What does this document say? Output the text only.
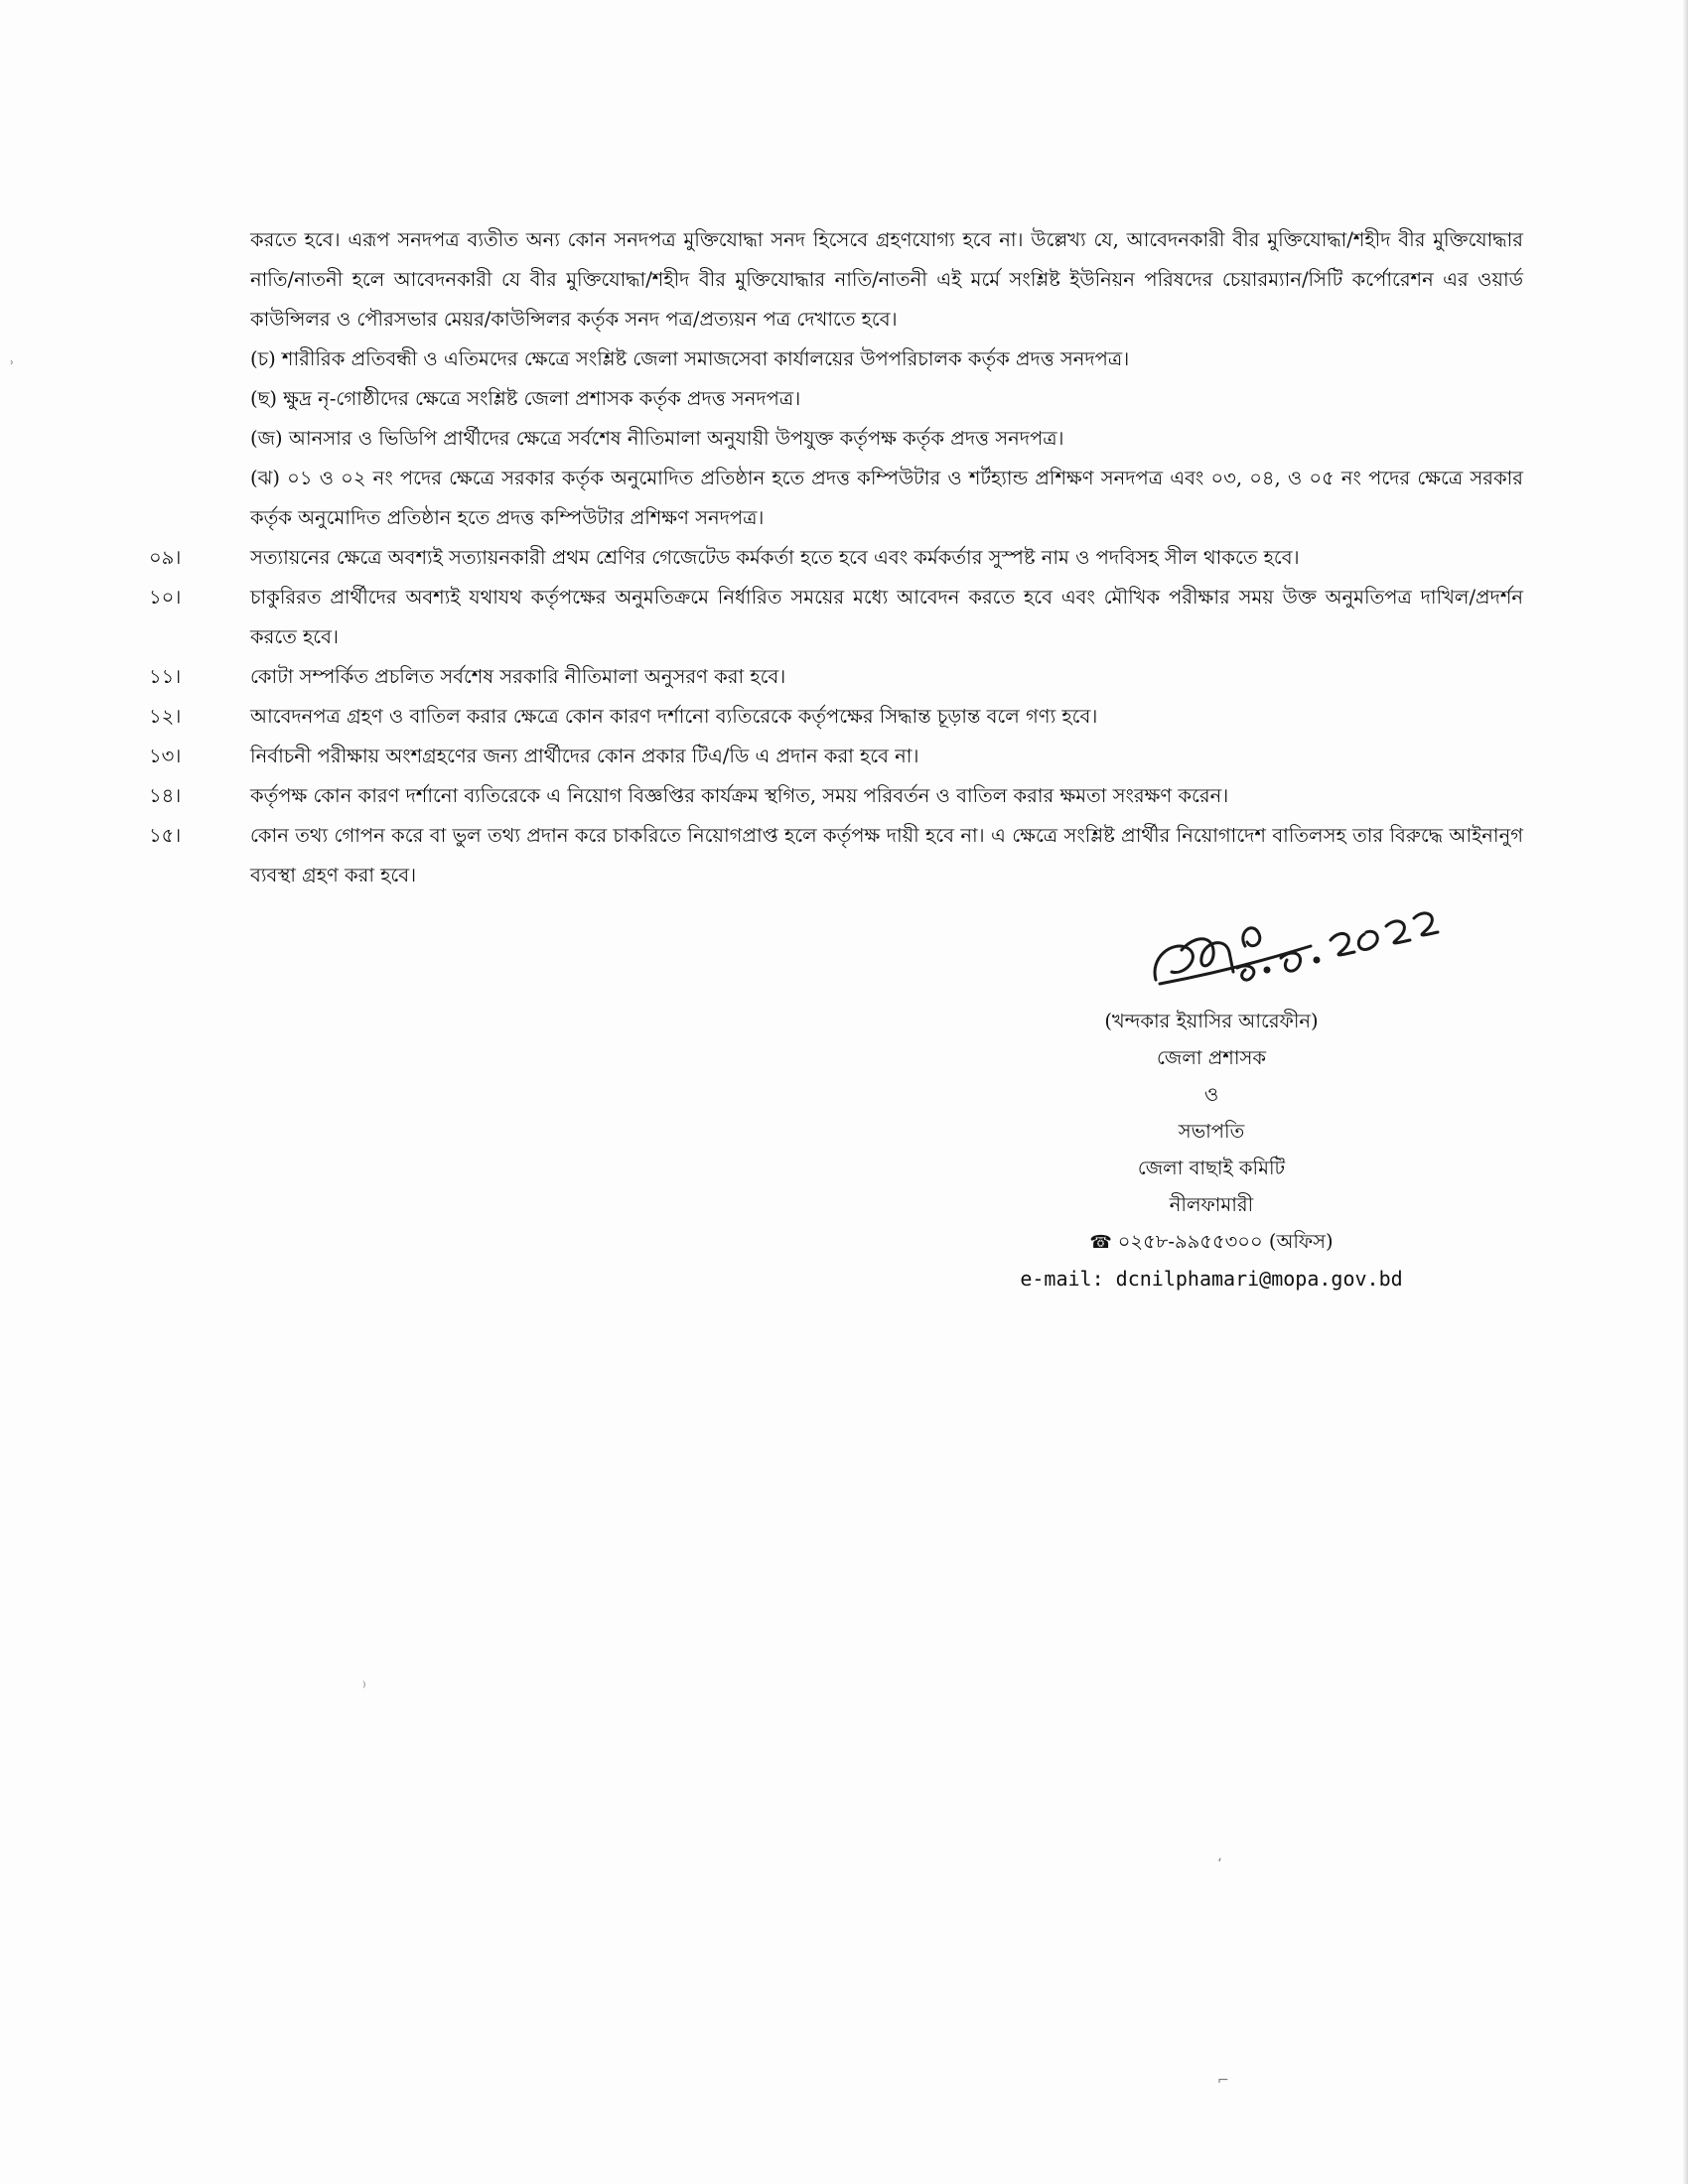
করতে হবে। এরূপ সনদপত্র ব্যতীত অন্য কোন সনদপত্র মুক্তিযোদ্ধা সনদ হিসেবে গ্রহণযোগ্য হবে না। উল্লেখ্য যে, আবেদনকারী বীর মুক্তিযোদ্ধা/শহীদ বীর মুক্তিযোদ্ধার নাতি/নাতনী হলে আবেদনকারী যে বীর মুক্তিযোদ্ধা/শহীদ বীর মুক্তিযোদ্ধার নাতি/নাতনী এই মর্মে সংশ্লিষ্ট ইউনিয়ন পরিষদের চেয়ারম্যান/সিটি কর্পোরেশন এর ওয়ার্ড কাউন্সিলর ও পৌরসভার মেয়র/কাউন্সিলর কর্তৃক সনদ পত্র/প্রত্যয়ন পত্র দেখাতে হবে।

(চ) শারীরিক প্রতিবন্ধী ও এতিমদের ক্ষেত্রে সংশ্লিষ্ট জেলা সমাজসেবা কার্যালয়ের উপপরিচালক কর্তৃক প্রদত্ত সনদপত্র।

(ছ) ক্ষুদ্র নৃ-গোষ্ঠীদের ক্ষেত্রে সংশ্লিষ্ট জেলা প্রশাসক কর্তৃক প্রদত্ত সনদপত্র।

(জ) আনসার ও ভিডিপি প্রার্থীদের ক্ষেত্রে সর্বশেষ নীতিমালা অনুযায়ী উপযুক্ত কর্তৃপক্ষ কর্তৃক প্রদত্ত সনদপত্র।

(ঝ) ০১ ও ০২ নং পদের ক্ষেত্রে সরকার কর্তৃক অনুমোদিত প্রতিষ্ঠান হতে প্রদত্ত কম্পিউটার ও শর্টহ্যান্ড প্রশিক্ষণ সনদপত্র এবং ০৩, ০৪, ও ০৫ নং পদের ক্ষেত্রে সরকার কর্তৃক অনুমোদিত প্রতিষ্ঠান হতে প্রদত্ত কম্পিউটার প্রশিক্ষণ সনদপত্র।

০৯।	সত্যায়নের ক্ষেত্রে অবশ্যই সত্যায়নকারী প্রথম শ্রেণির গেজেটেড কর্মকর্তা হতে হবে এবং কর্মকর্তার সুস্পষ্ট নাম ও পদবিসহ সীল থাকতে হবে।
১০।	চাকুরিরত প্রার্থীদের অবশ্যই যথাযথ কর্তৃপক্ষের অনুমতিক্রমে নির্ধারিত সময়ের মধ্যে আবেদন করতে হবে এবং মৌখিক পরীক্ষার সময় উক্ত অনুমতিপত্র দাখিল/প্রদর্শন করতে হবে।
১১।	কোটা সম্পর্কিত প্রচলিত সর্বশেষ সরকারি নীতিমালা অনুসরণ করা হবে।
১২।	আবেদনপত্র গ্রহণ ও বাতিল করার ক্ষেত্রে কোন কারণ দর্শানো ব্যতিরেকে কর্তৃপক্ষের সিদ্ধান্ত চূড়ান্ত বলে গণ্য হবে।
১৩।	নির্বাচনী পরীক্ষায় অংশগ্রহণের জন্য প্রার্থীদের কোন প্রকার টিএ/ডি এ প্রদান করা হবে না।
১৪।	কর্তৃপক্ষ কোন কারণ দর্শানো ব্যতিরেকে এ নিয়োগ বিজ্ঞপ্তির কার্যক্রম স্থগিত, সময় পরিবর্তন ও বাতিল করার ক্ষমতা সংরক্ষণ করেন।
১৫।	কোন তথ্য গোপন করে বা ভুল তথ্য প্রদান করে চাকরিতে নিয়োগপ্রাপ্ত হলে কর্তৃপক্ষ দায়ী হবে না। এ ক্ষেত্রে সংশ্লিষ্ট প্রার্থীর নিয়োগাদেশ বাতিলসহ তার বিরুদ্ধে আইনানুগ ব্যবস্থা গ্রহণ করা হবে।
(খন্দকার ইয়াসির আরেফীন)
জেলা প্রশাসক
ও
সভাপতি
জেলা বাছাই কমিটি
নীলফামারী
☎ ০২৫৮-৯৯৫৫৩০০ (অফিস)
e-mail: dcnilphamari@mopa.gov.bd
ʾ
⁾
‘
⌐
